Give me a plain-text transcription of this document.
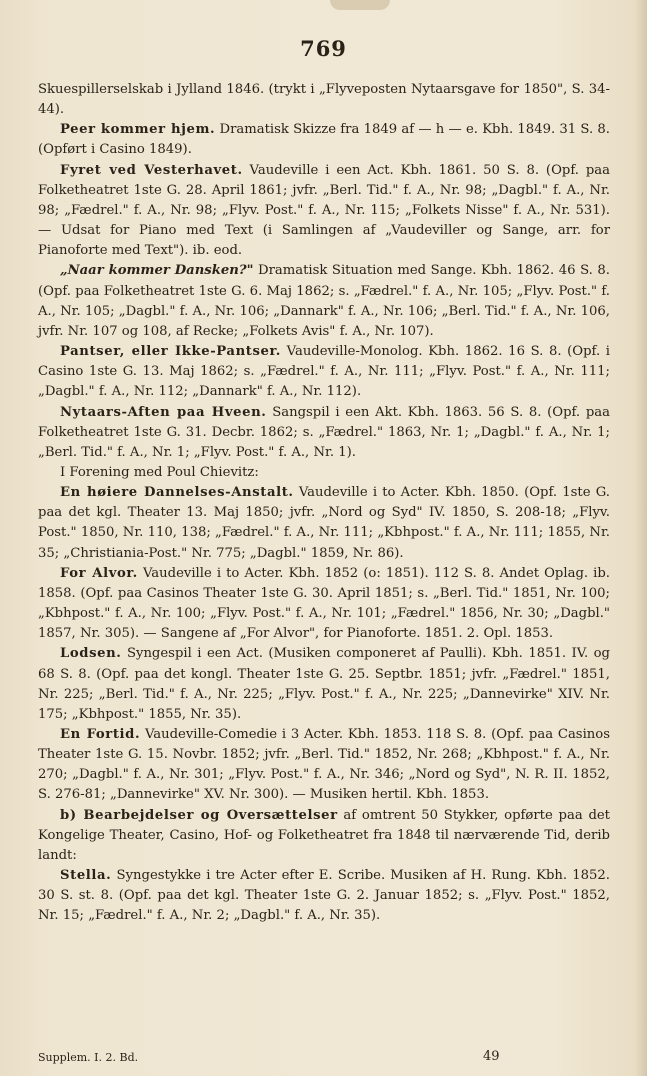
769

Skuespillerselskab i Jylland 1846. (trykt i „Flyveposten Nytaarsgave for 1850", S. 34-44).

Peer kommer hjem. Dramatisk Skizze fra 1849 af — h — e. Kbh. 1849. 31 S. 8. (Opført i Casino 1849).

Fyret ved Vesterhavet. Vaudeville i een Act. Kbh. 1861. 50 S. 8. (Opf. paa Folketheatret 1ste G. 28. April 1861; jvfr. „Berl. Tid." f. A., Nr. 98; „Dagbl." f. A., Nr. 98; „Fædrel." f. A., Nr. 98; „Flyv. Post." f. A., Nr. 115; „Folkets Nisse" f. A., Nr. 531). — Udsat for Piano med Text (i Samlingen af „Vaudeviller og Sange, arr. for Pianoforte med Text"). ib. eod.

„Naar kommer Dansken?" Dramatisk Situation med Sange. Kbh. 1862. 46 S. 8. (Opf. paa Folketheatret 1ste G. 6. Maj 1862; s. „Fædrel." f. A., Nr. 105; „Flyv. Post." f. A., Nr. 105; „Dagbl." f. A., Nr. 106; „Dannark" f. A., Nr. 106; „Berl. Tid." f. A., Nr. 106, jvfr. Nr. 107 og 108, af Recke; „Folkets Avis" f. A., Nr. 107).

Pantser, eller Ikke-Pantser. Vaudeville-Monolog. Kbh. 1862. 16 S. 8. (Opf. i Casino 1ste G. 13. Maj 1862; s. „Fædrel." f. A., Nr. 111; „Flyv. Post." f. A., Nr. 111; „Dagbl." f. A., Nr. 112; „Dannark" f. A., Nr. 112).

Nytaars-Aften paa Hveen. Sangspil i een Akt. Kbh. 1863. 56 S. 8. (Opf. paa Folketheatret 1ste G. 31. Decbr. 1862; s. „Fædrel." 1863, Nr. 1; „Dagbl." f. A., Nr. 1; „Berl. Tid." f. A., Nr. 1; „Flyv. Post." f. A., Nr. 1).

I Forening med Poul Chievitz:

En høiere Dannelses-Anstalt. Vaudeville i to Acter. Kbh. 1850. (Opf. 1ste G. paa det kgl. Theater 13. Maj 1850; jvfr. „Nord og Syd" IV. 1850, S. 208-18; „Flyv. Post." 1850, Nr. 110, 138; „Fædrel." f. A., Nr. 111; „Kbhpost." f. A., Nr. 111; 1855, Nr. 35; „Christiania-Post." Nr. 775; „Dagbl." 1859, Nr. 86).

For Alvor. Vaudeville i to Acter. Kbh. 1852 (o: 1851). 112 S. 8. Andet Oplag. ib. 1858. (Opf. paa Casinos Theater 1ste G. 30. April 1851; s. „Berl. Tid." 1851, Nr. 100; „Kbhpost." f. A., Nr. 100; „Flyv. Post." f. A., Nr. 101; „Fædrel." 1856, Nr. 30; „Dagbl." 1857, Nr. 305). — Sangene af „For Alvor", for Pianoforte. 1851. 2. Opl. 1853.

Lodsen. Syngespil i een Act. (Musiken componeret af Paulli). Kbh. 1851. IV. og 68 S. 8. (Opf. paa det kongl. Theater 1ste G. 25. Septbr. 1851; jvfr. „Fædrel." 1851, Nr. 225; „Berl. Tid." f. A., Nr. 225; „Flyv. Post." f. A., Nr. 225; „Dannevirke" XIV. Nr. 175; „Kbhpost." 1855, Nr. 35).

En Fortid. Vaudeville-Comedie i 3 Acter. Kbh. 1853. 118 S. 8. (Opf. paa Casinos Theater 1ste G. 15. Novbr. 1852; jvfr. „Berl. Tid." 1852, Nr. 268; „Kbhpost." f. A., Nr. 270; „Dagbl." f. A., Nr. 301; „Flyv. Post." f. A., Nr. 346; „Nord og Syd", N. R. II. 1852, S. 276-81; „Dannevirke" XV. Nr. 300). — Musiken hertil. Kbh. 1853.

b) Bearbejdelser og Oversættelser af omtrent 50 Stykker, opførte paa det Kongelige Theater, Casino, Hof- og Folketheatret fra 1848 til nærværende Tid, derib landt:

Stella. Syngestykke i tre Acter efter E. Scribe. Musiken af H. Rung. Kbh. 1852. 30 S. st. 8. (Opf. paa det kgl. Theater 1ste G. 2. Januar 1852; s. „Flyv. Post." 1852, Nr. 15; „Fædrel." f. A., Nr. 2; „Dagbl." f. A., Nr. 35).

Supplem. I. 2. Bd.	49
